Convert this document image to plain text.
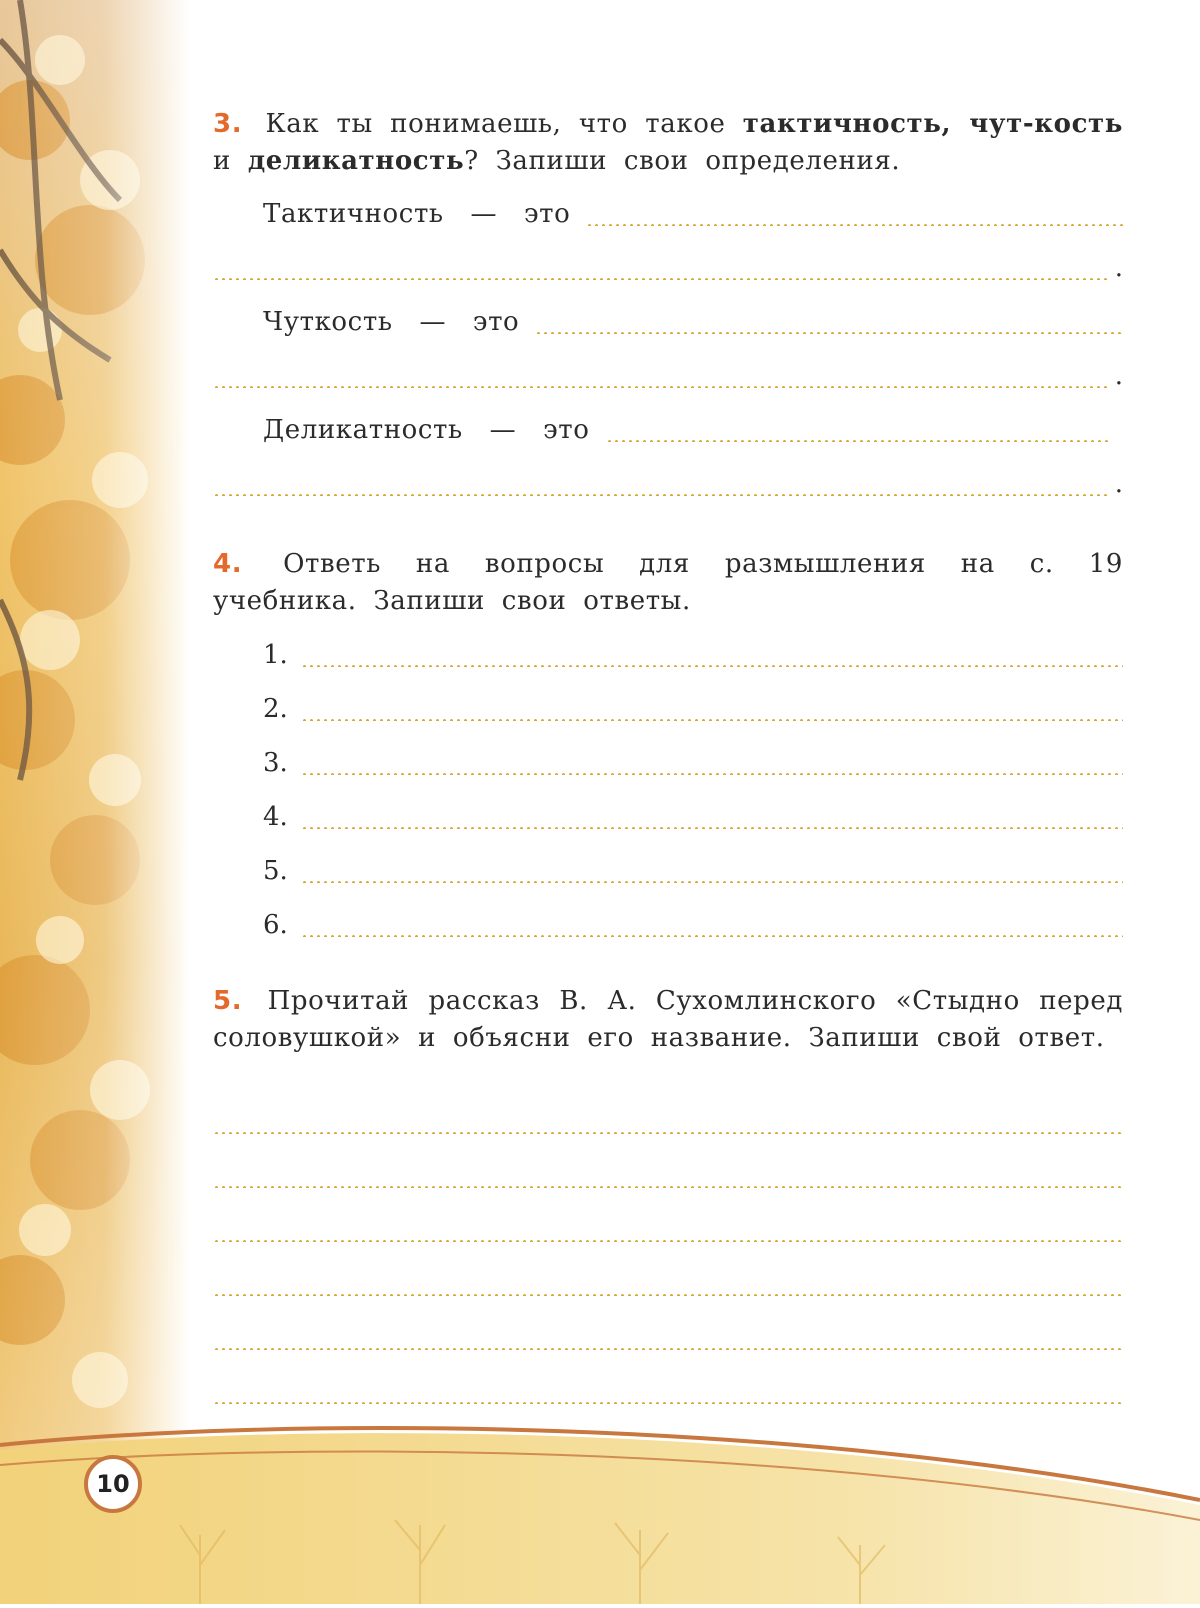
10

3. Как ты понимаешь, что такое тактичность, чут-кость и деликатность? Запиши свои определения.

Тактичность — это
.
Чуткость — это
.
Деликатность — это
.

4. Ответь на вопросы для размышления на с. 19 учебника. Запиши свои ответы.

1.
2.
3.
4.
5.
6.

5. Прочитай рассказ В. А. Сухомлинского «Стыдно перед соловушкой» и объясни его название. Запиши свой ответ.
